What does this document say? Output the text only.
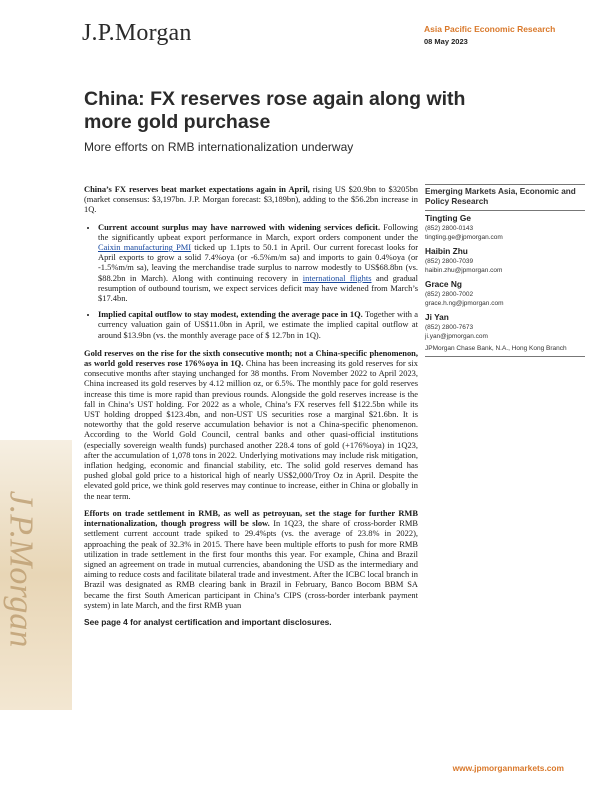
J.P.Morgan	Asia Pacific Economic Research
08 May 2023
China: FX reserves rose again along with more gold purchase
More efforts on RMB internationalization underway
J.P.Morgan

China’s FX reserves beat market expectations again in April, rising US $20.9bn to $3205bn (market consensus: $3,197bn. J.P. Morgan forecast: $3,189bn), adding to the $56.2bn increase in 1Q.

• Current account surplus may have narrowed with widening services deficit. Following the significantly upbeat export performance in March, export orders component under the Caixin manufacturing PMI ticked up 1.1pts to 50.1 in April. Our current forecast looks for April exports to grow a solid 7.4%oya (or -6.5%m/m sa) and imports to gain 0.4%oya (or -1.5%m/m sa), leaving the merchandise trade surplus to narrow modestly to US$68.8bn (vs. $88.2bn in March). Along with continuing recovery in international flights and gradual resumption of outbound tourism, we expect services deficit may have widened from March’s $17.4bn.
• Implied capital outflow to stay modest, extending the average pace in 1Q. Together with a currency valuation gain of US$11.0bn in April, we estimate the implied capital outflow at around $13.9bn (vs. the monthly average pace of $ 12.7bn in 1Q).

Gold reserves on the rise for the sixth consecutive month; not a China-specific phenomenon, as world gold reserves rose 176%oya in 1Q. China has been increasing its gold reserves for six consecutive months after staying unchanged for 38 months. From November 2022 to April 2023, China increased its gold reserves by 4.12 million oz, or 6.5%. The monthly pace for gold reserves increase this time is more rapid than previous rounds. Alongside the gold reserves increase is the fall in China’s UST holding. For 2022 as a whole, China’s FX reserves fell $122.5bn while its UST holding dropped $123.4bn, and non-UST US securities rose a marginal $21.6bn. It is noteworthy that the gold reserve accumulation behavior is not a China-specific phenomenon. According to the World Gold Council, central banks and other quasi-official institutions (especially sovereign wealth funds) purchased another 228.4 tons of gold (+176%oya) in 1Q23, after the accumulation of 1,078 tons in 2022. Underlying motivations may include risk mitigation, inflation hedging, economic and financial stability, etc. The solid gold reserves demand has pushed global gold price to a historical high of nearly US$2,000/Troy Oz in April. Despite the elevated gold price, we think gold reserves may continue to increase, either in China or globally in the near term.

Efforts on trade settlement in RMB, as well as petroyuan, set the stage for further RMB internationalization, though progress will be slow. In 1Q23, the share of cross-border RMB settlement current account trade spiked to 29.4%pts (vs. the average of 23.8% in 2022), approaching the peak of 32.3% in 2015. There have been multiple efforts to push for more RMB utilization in trade settlement in the first four months this year. For example, China and Brazil signed an agreement on trade in mutual currencies, abandoning the USD as the intermediary and aiming to reduce costs and facilitate bilateral trade and investment. After the ICBC local branch in Brazil was designated as RMB clearing bank in Brazil in February, Banco Bocom BBM SA became the first South American participant in China’s CIPS (cross-border interbank payment system) in late March, and the first RMB yuan

See page 4 for analyst certification and important disclosures.
Emerging Markets Asia, Economic and Policy Research
Tingting Ge
(852) 2800-0143
tingting.ge@jpmorgan.com
Haibin Zhu
(852) 2800-7039
haibin.zhu@jpmorgan.com
Grace Ng
(852) 2800-7002
grace.h.ng@jpmorgan.com
Ji Yan
(852) 2800-7673
ji.yan@jpmorgan.com
JPMorgan Chase Bank, N.A., Hong Kong Branch
www.jpmorganmarkets.com
